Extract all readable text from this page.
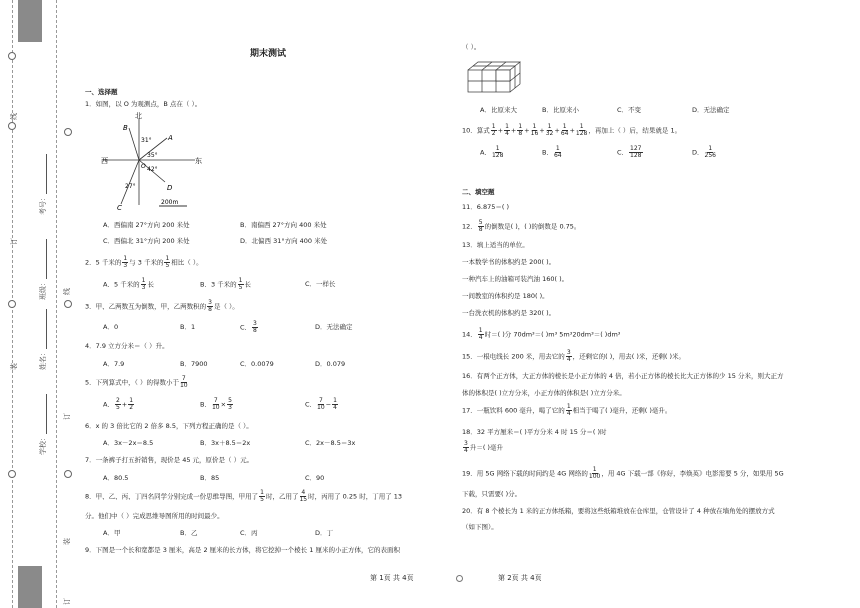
学校：
姓名：
班级：
考号：
线
订
装
线
订
装
订
期末测试
一、选择题
1．如图，以 O 为观测点，B 点在（ ）。
北
东
西
B
A
C
D
O
31°
35°
42°
27°
200m
A．西偏南 27°方向 200 米处	B．南偏西 27°方向 400 米处
C．西偏北 31°方向 200 米处	D．北偏西 31°方向 400 米处
2．5 千米的 $\frac{1}{3}$ 与 3 千米的 $\frac{1}{5}$ 相比（ ）。
A．5 千米的 $\frac{1}{3}$ 长	B．3 千米的 $\frac{1}{5}$ 长	C．一样长
3．甲、乙两数互为倒数，甲，乙两数积的 $\frac{3}{8}$ 是（ ）。
A．0	B．1	C． $\frac{3}{8}$	D．无法确定
4．7.9 立方分米＝（ ）升。
A．7.9	B．7900	C．0.0079	D．0.079
5．下列算式中，（ ）的得数小于 $\frac{7}{10}$
A． $\frac{2}{5} + \frac{1}{2}$	B． $\frac{7}{10} \times \frac{5}{3}$	C． $\frac{7}{10} - \frac{1}{4}$
6．x 的 3 倍比它的 2 倍多 8.5，下列方程正确的是（ ）。
A．3x－2x＝8.5	B．3x＋8.5＝2x	C．2x－8.5＝3x
7．一条裤子打五折销售，现价是 45 元，原价是（ ）元。
A．80.5	B．85	C．90
8．甲、乙、丙、丁四名同学分别完成一份思维导图，甲用了 $\frac{1}{5}$ 时，乙用了 $\frac{4}{15}$ 时，丙用了 0.25 时，丁用了 13
分。他们中（ ）完成思维导图所用的时间最少。
A．甲	B．乙	C．丙	D．丁
9．下图是一个长和宽都是 3 厘米，高是 2 厘米的长方体，将它挖掉一个棱长 1 厘米的小正方体，它的表面积
（ ）。
A．比原来大	B．比原来小	C．不变	D．无法确定
10．算式 $\frac{1}{2} + \frac{1}{4} + \frac{1}{8} + \frac{1}{16} + \frac{1}{32} + \frac{1}{64} + \frac{1}{128}$ ，再加上（ ）后，结果就是 1。
A． $\frac{1}{128}$	B． $\frac{1}{64}$	C． $\frac{127}{128}$	D． $\frac{1}{256}$
二、填空题
11．6.875＝( )
12． $\frac{5}{8}$ 的倒数是( )，( )的倒数是 0.75。
13．填上适当的单位。
一本数学书的体积约是 200( )。
一种汽车上的油箱可装汽油 160( )。
一间教室的体积约是 180( )。
一台洗衣机的体积约是 320( )。
14． $\frac{1}{4}$ 时＝( )分 70dm³＝( )m³ 5m³20dm³＝( )dm³
15．一根电线长 200 米，用去它的 $\frac{3}{4}$ ，还剩它的( )，用去( )米，还剩( )米。
16．有两个正方体，大正方体的棱长是小正方体的 4 倍，若小正方体的棱长比大正方体的少 15 分米，则大正方
体的体积是( )立方分米，小正方体的体积是( )立方分米。
17．一瓶饮料 600 毫升，喝了它的 $\frac{1}{4}$ 相当于喝了( )毫升，还剩( )毫升。
18．32 平方厘米＝( )平方分米 4 时 15 分＝( )时
$\frac{3}{4}$ 升＝( )毫升
19．用 5G 网络下载的时间约是 4G 网络的 $\frac{1}{100}$ ，用 4G 下载一部《你好，李焕英》电影需要 5 分，如果用 5G
下载，只需要( )分。
20．有 8 个棱长为 1 米的正方体纸箱，要将这些纸箱堆放在仓库里，仓管设计了 4 种放在墙角处的摆放方式
（如下图）。
第 1页 共 4页	第 2页 共 4页
